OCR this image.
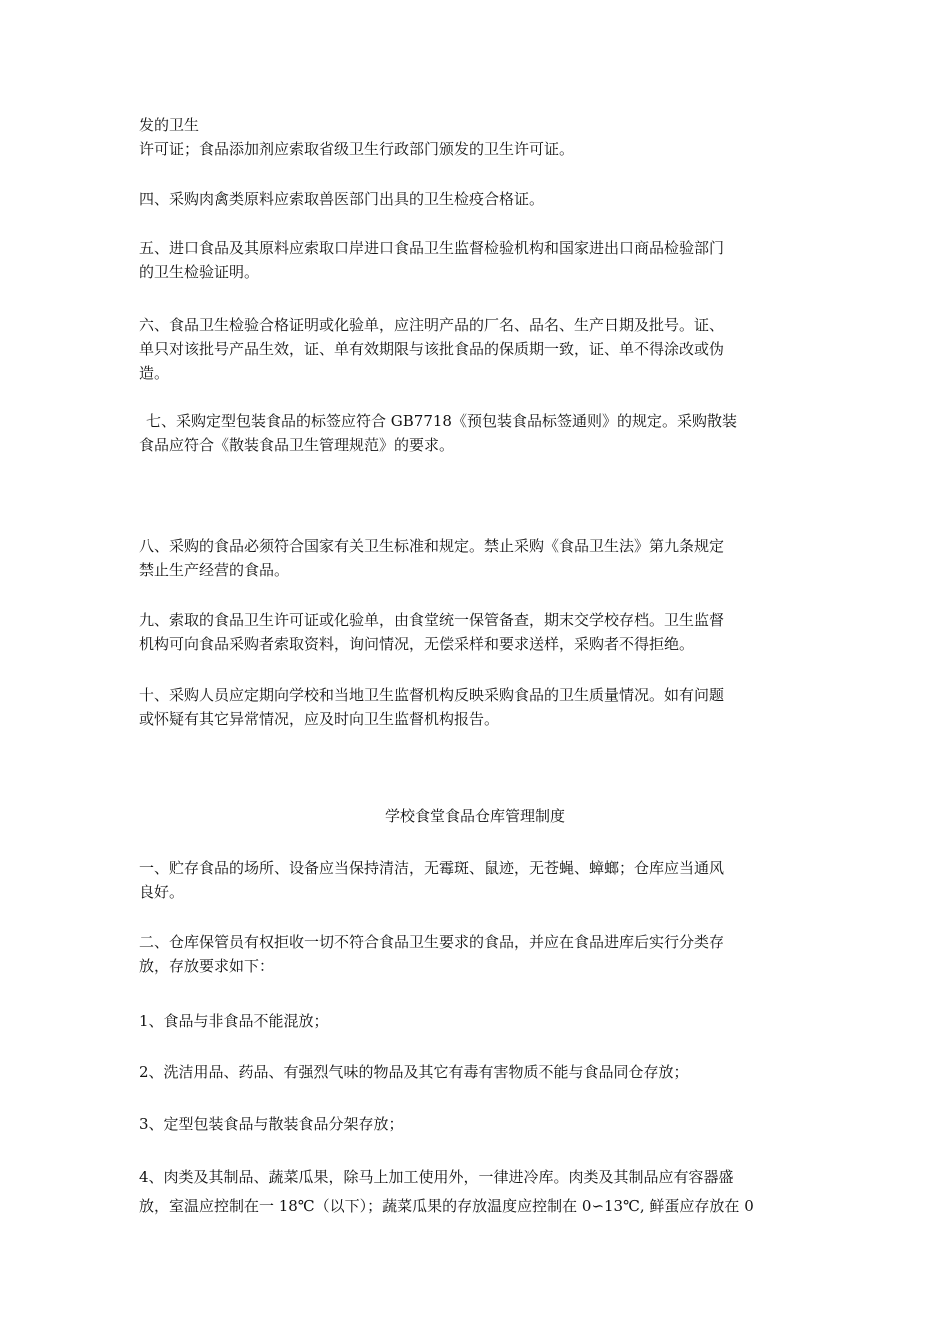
发的卫生
许可证；食品添加剂应索取省级卫生行政部门颁发的卫生许可证。
四、采购肉禽类原料应索取兽医部门出具的卫生检疫合格证。
五、进口食品及其原料应索取口岸进口食品卫生监督检验机构和国家进出口商品检验部门
的卫生检验证明。
六、食品卫生检验合格证明或化验单，应注明产品的厂名、品名、生产日期及批号。证、
单只对该批号产品生效，证、单有效期限与该批食品的保质期一致，证、单不得涂改或伪
造。
七、采购定型包装食品的标签应符合 GB7718《预包装食品标签通则》的规定。采购散装
食品应符合《散装食品卫生管理规范》的要求。
八、采购的食品必须符合国家有关卫生标准和规定。禁止采购《食品卫生法》第九条规定
禁止生产经营的食品。
九、索取的食品卫生许可证或化验单，由食堂统一保管备查，期末交学校存档。卫生监督
机构可向食品采购者索取资料，询问情况，无偿采样和要求送样，采购者不得拒绝。
十、采购人员应定期向学校和当地卫生监督机构反映采购食品的卫生质量情况。如有问题
或怀疑有其它异常情况，应及时向卫生监督机构报告。
学校食堂食品仓库管理制度
一、贮存食品的场所、设备应当保持清洁，无霉斑、鼠迹，无苍蝇、蟑螂；仓库应当通风
良好。
二、仓库保管员有权拒收一切不符合食品卫生要求的食品，并应在食品进库后实行分类存
放，存放要求如下：
1、食品与非食品不能混放；
2、洗洁用品、药品、有强烈气味的物品及其它有毒有害物质不能与食品同仓存放；
3、定型包装食品与散装食品分架存放；
4、肉类及其制品、蔬菜瓜果，除马上加工使用外，一律进冷库。肉类及其制品应有容器盛
放，室温应控制在一 18℃（以下）；蔬菜瓜果的存放温度应控制在 0∽13℃, 鲜蛋应存放在 0
